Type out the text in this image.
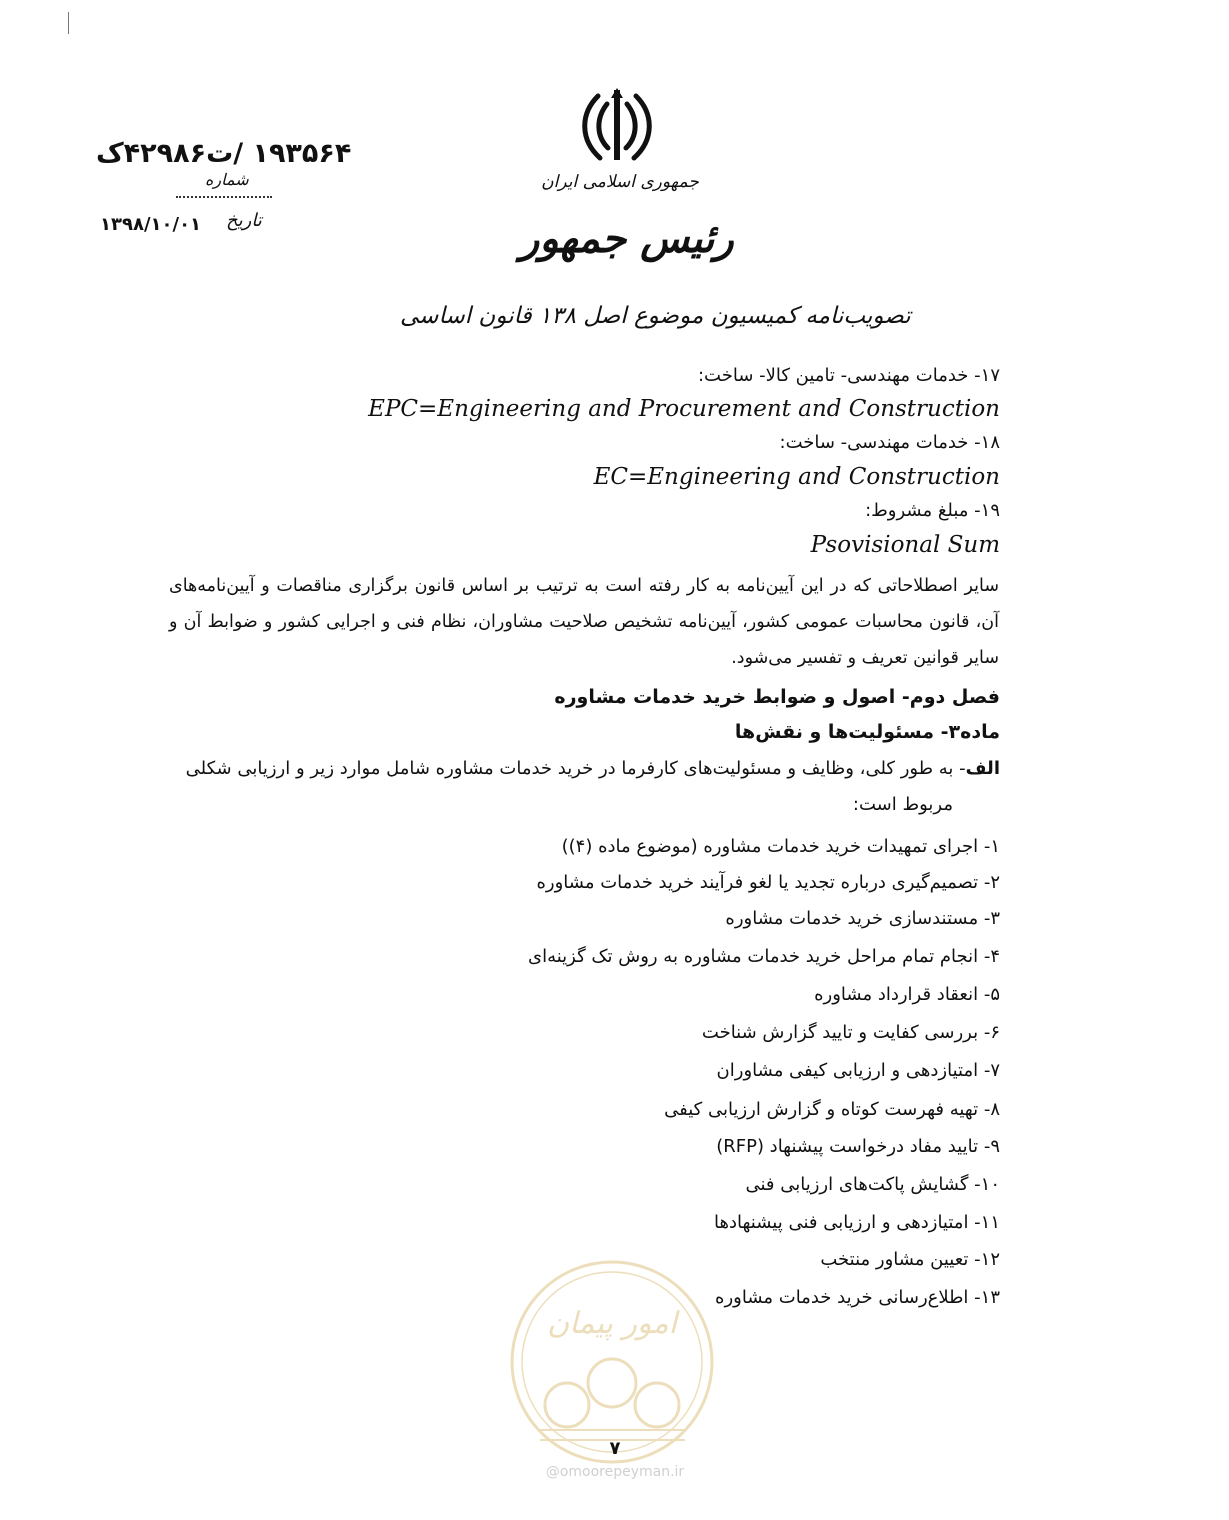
جمهوری اسلامی ایران
رئیس جمهور
تصویب‌نامه کمیسیون موضوع اصل ۱۳۸ قانون اساسی
۱۹۳۵۶۴ /ت۴۲۹۸۶ک
شماره
۱۳۹۸/۱۰/۰۱ تاریخ
۱۷- خدمات مهندسی- تامین کالا- ساخت:
EPC=Engineering and Procurement and Construction
۱۸- خدمات مهندسی- ساخت:
EC=Engineering and Construction
۱۹- مبلغ مشروط:
Psovisional Sum
سایر اصطلاحاتی که در این آیین‌نامه به کار رفته است به ترتیب بر اساس قانون برگزاری مناقصات و آیین‌نامه‌های آن، قانون محاسبات عمومی کشور، آیین‌نامه تشخیص صلاحیت مشاوران، نظام فنی و اجرایی کشور و ضوابط آن و سایر قوانین تعریف و تفسیر می‌شود.
فصل دوم- اصول و ضوابط خرید خدمات مشاوره
ماده۳- مسئولیت‌ها و نقش‌ها
الف- به طور کلی، وظایف و مسئولیت‌های کارفرما در خرید خدمات مشاوره شامل موارد زیر و ارزیابی شکلی
مربوط است:
۱- اجرای تمهیدات خرید خدمات مشاوره (موضوع ماده (۴))
۲- تصمیم‌گیری درباره تجدید یا لغو فرآیند خرید خدمات مشاوره
۳- مستندسازی خرید خدمات مشاوره
۴- انجام تمام مراحل خرید خدمات مشاوره به روش تک گزینه‌ای
۵- انعقاد قرارداد مشاوره
۶- بررسی کفایت و تایید گزارش شناخت
۷- امتیازدهی و ارزیابی کیفی مشاوران
۸- تهیه فهرست کوتاه و گزارش ارزیابی کیفی
۹- تایید مفاد درخواست پیشنهاد (RFP)
۱۰- گشایش پاکت‌های ارزیابی فنی
۱۱- امتیازدهی و ارزیابی فنی پیشنهادها
۱۲- تعیین مشاور منتخب
۱۳- اطلاع‌رسانی خرید خدمات مشاوره
امور پیمان
۷
@omoorepeyman.ir
